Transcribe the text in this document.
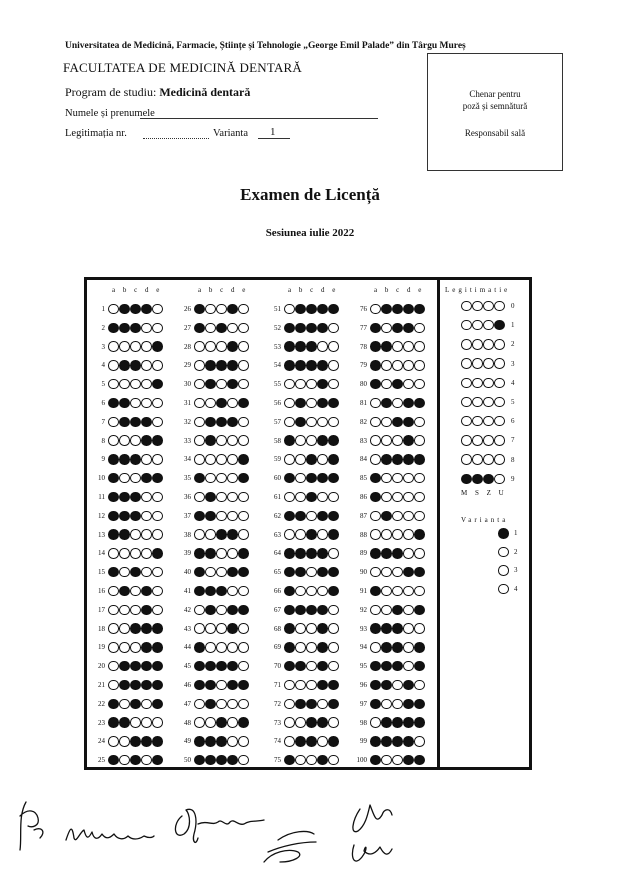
Universitatea de Medicină, Farmacie, Științe și Tehnologie „George Emil Palade” din Târgu Mureș
FACULTATEA DE MEDICINĂ DENTARĂ
Program de studiu: Medicină dentară
Numele și prenumele
Legitimația nr.	Varianta 1
Chenar pentru
poză și semnătură
Responsabil sală
Examen de Licență
Sesiunea iulie 2022
a b c d e
1
2
3
4
5
6
7
8
9
10
11
12
13
14
15
16
17
18
19
20
21
22
23
24
25
a b c d e
26
27
28
29
30
31
32
33
34
35
36
37
38
39
40
41
42
43
44
45
46
47
48
49
50
a b c d e
51
52
53
54
55
56
57
58
59
60
61
62
63
64
65
66
67
68
69
70
71
72
73
74
75
a b c d e
76
77
78
79
80
81
82
83
84
85
86
87
88
89
90
91
92
93
94
95
96
97
98
99
100
Legitimatie
0
1
2
3
4
5
6
7
8
9
M S Z U
Varianta
1
2
3
4
